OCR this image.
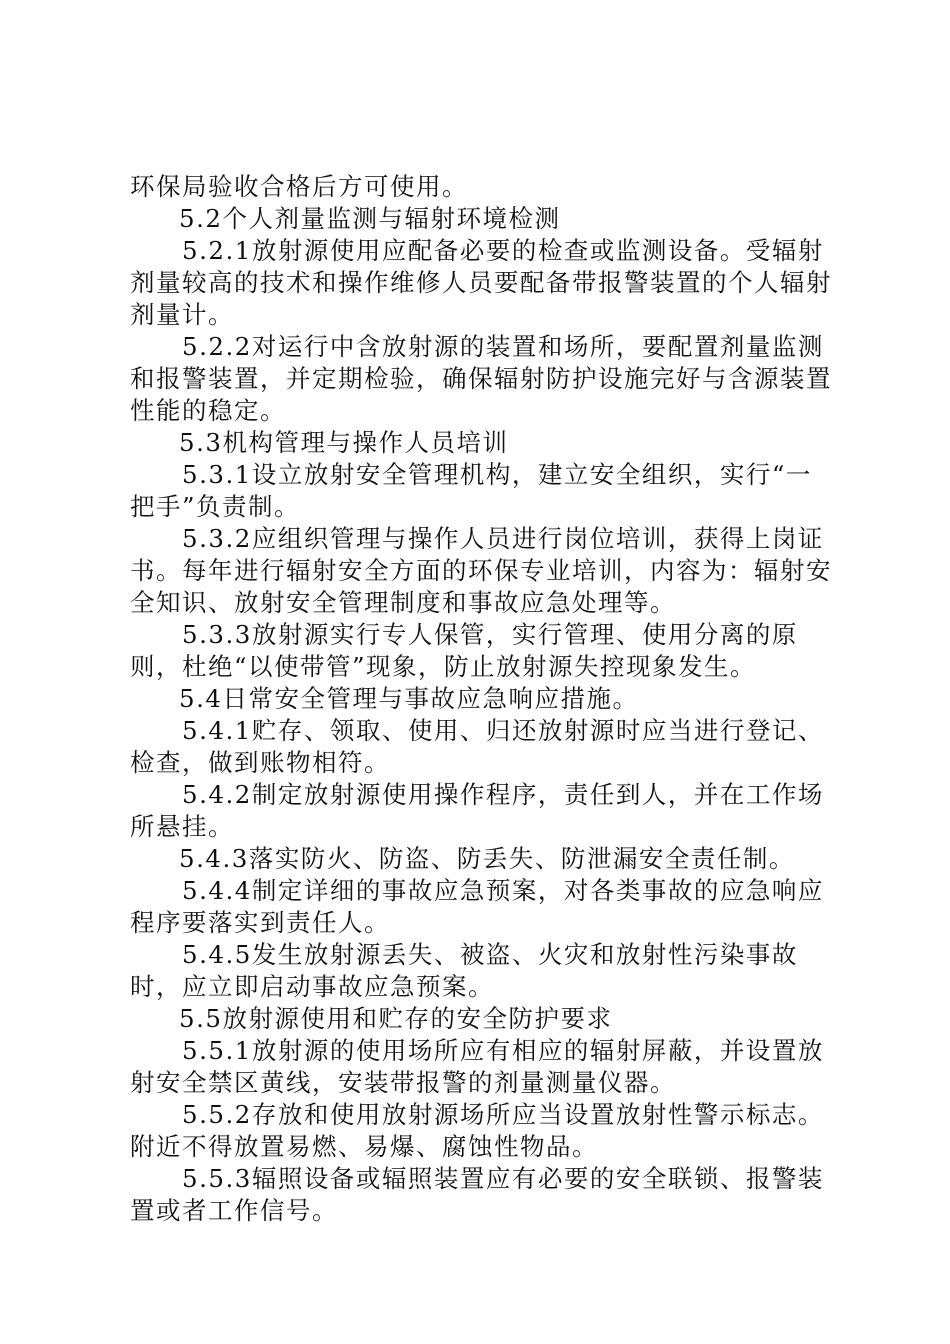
环保局验收合格后方可使用。

5.2个人剂量监测与辐射环境检测

5.2.1放射源使用应配备必要的检查或监测设备。受辐射剂量较高的技术和操作维修人员要配备带报警装置的个人辐射剂量计。

5.2.2对运行中含放射源的装置和场所，要配置剂量监测和报警装置，并定期检验，确保辐射防护设施完好与含源装置性能的稳定。

5.3机构管理与操作人员培训

5.3.1设立放射安全管理机构，建立安全组织，实行“一把手”负责制。

5.3.2应组织管理与操作人员进行岗位培训，获得上岗证书。每年进行辐射安全方面的环保专业培训，内容为：辐射安全知识、放射安全管理制度和事故应急处理等。

5.3.3放射源实行专人保管，实行管理、使用分离的原则，杜绝“以使带管”现象，防止放射源失控现象发生。

5.4日常安全管理与事故应急响应措施。

5.4.1贮存、领取、使用、归还放射源时应当进行登记、检查，做到账物相符。

5.4.2制定放射源使用操作程序，责任到人，并在工作场所悬挂。

5.4.3落实防火、防盗、防丢失、防泄漏安全责任制。

5.4.4制定详细的事故应急预案，对各类事故的应急响应程序要落实到责任人。

5.4.5发生放射源丢失、被盗、火灾和放射性污染事故时，应立即启动事故应急预案。

5.5放射源使用和贮存的安全防护要求

5.5.1放射源的使用场所应有相应的辐射屏蔽，并设置放射安全禁区黄线，安装带报警的剂量测量仪器。

5.5.2存放和使用放射源场所应当设置放射性警示标志。附近不得放置易燃、易爆、腐蚀性物品。

5.5.3辐照设备或辐照装置应有必要的安全联锁、报警装置或者工作信号。
